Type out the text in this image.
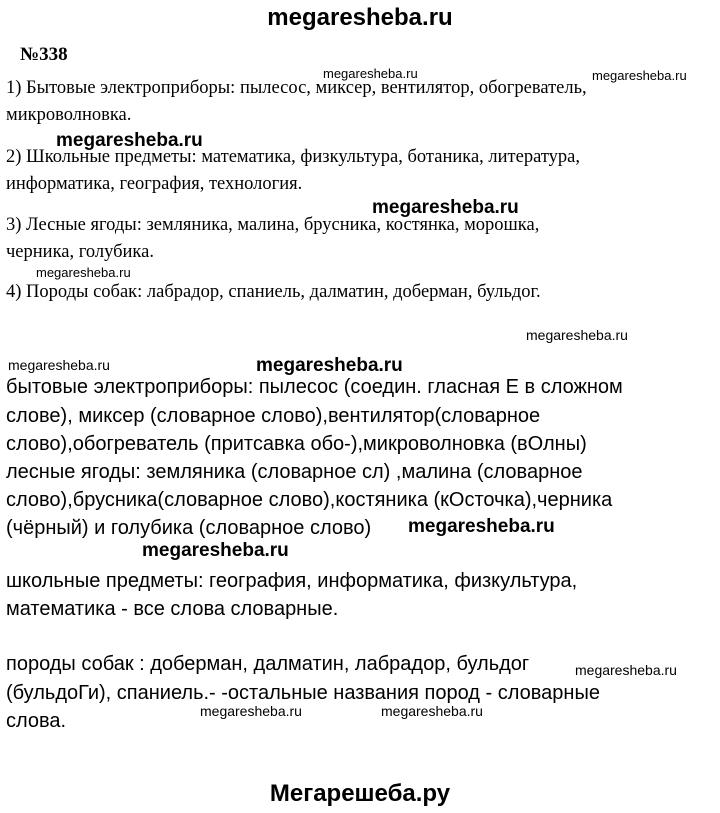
megaresheba.ru
№338
1) Бытовые электроприборы: пылесос, миксер, вентилятор, обогреватель,
микроволновка.
2) Школьные предметы: математика, физкультура, ботаника, литература,
информатика, география, технология.
3) Лесные ягоды: земляника, малина, брусника, костянка, морошка,
черника, голубика.
4) Породы собак: лабрадор, спаниель, далматин, доберман, бульдог.
бытовые электроприборы: пылесос (соедин. гласная Е в сложном
слове), миксер (словарное слово),вентилятор(словарное
слово),обогреватель (притсавка обо-),микроволновка (вОлны)
лесные ягоды: земляника (словарное сл) ,малина (словарное
слово),брусника(словарное слово),костяника (кОсточка),черника
(чёрный) и голубика (словарное слово)
школьные предметы: география, информатика, физкультура,
математика - все слова словарные.
породы собак : доберман, далматин, лабрадор, бульдог
(бульдоГи), спаниель.- -остальные названия пород - словарные
слова.
megaresheba.ru	megaresheba.ru
megaresheba.ru
megaresheba.ru
megaresheba.ru
megaresheba.ru
megaresheba.ru	megaresheba.ru
megaresheba.ru
megaresheba.ru
megaresheba.ru
megaresheba.ru	megaresheba.ru
Мегарешеба.ру
